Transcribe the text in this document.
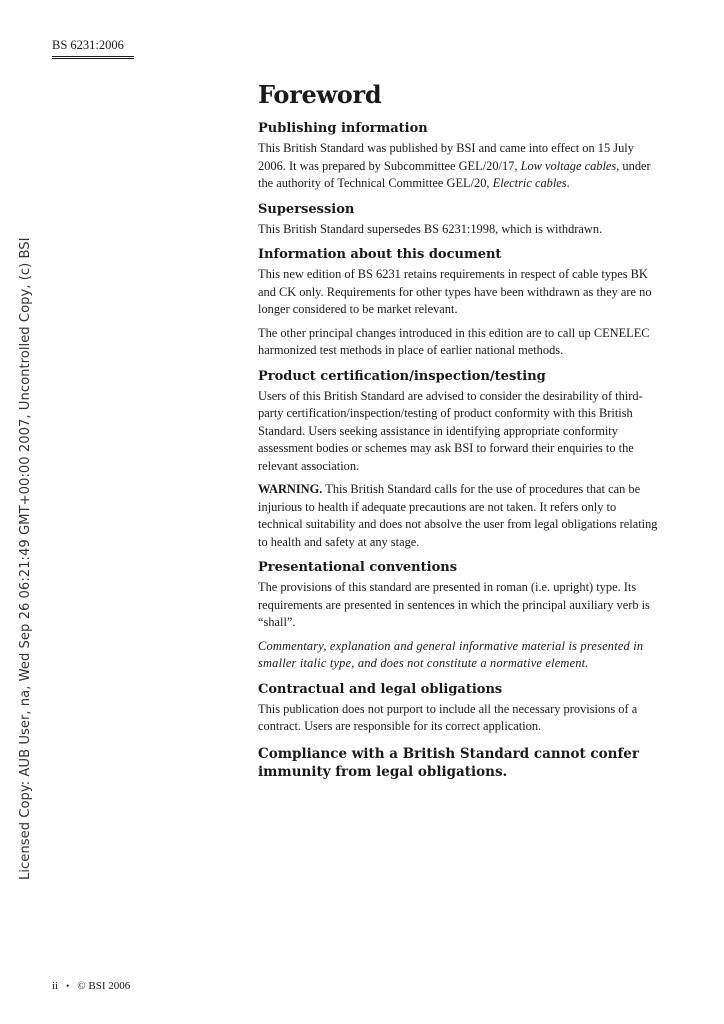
BS 6231:2006
Licensed Copy: AUB User, na, Wed Sep 26 06:21:49 GMT+00:00 2007, Uncontrolled Copy, (c) BSI
Foreword
Publishing information

This British Standard was published by BSI and came into effect on 15 July 2006. It was prepared by Subcommittee GEL/20/17, Low voltage cables, under the authority of Technical Committee GEL/20, Electric cables.

Supersession

This British Standard supersedes BS 6231:1998, which is withdrawn.

Information about this document

This new edition of BS 6231 retains requirements in respect of cable types BK and CK only. Requirements for other types have been withdrawn as they are no longer considered to be market relevant.

The other principal changes introduced in this edition are to call up CENELEC harmonized test methods in place of earlier national methods.

Product certification/inspection/testing

Users of this British Standard are advised to consider the desirability of third-party certification/inspection/testing of product conformity with this British Standard. Users seeking assistance in identifying appropriate conformity assessment bodies or schemes may ask BSI to forward their enquiries to the relevant association.

WARNING. This British Standard calls for the use of procedures that can be injurious to health if adequate precautions are not taken. It refers only to technical suitability and does not absolve the user from legal obligations relating to health and safety at any stage.

Presentational conventions

The provisions of this standard are presented in roman (i.e. upright) type. Its requirements are presented in sentences in which the principal auxiliary verb is “shall”.

Commentary, explanation and general informative material is presented in smaller italic type, and does not constitute a normative element.

Contractual and legal obligations

This publication does not purport to include all the necessary provisions of a contract. Users are responsible for its correct application.

Compliance with a British Standard cannot confer immunity from legal obligations.
ii • © BSI 2006
